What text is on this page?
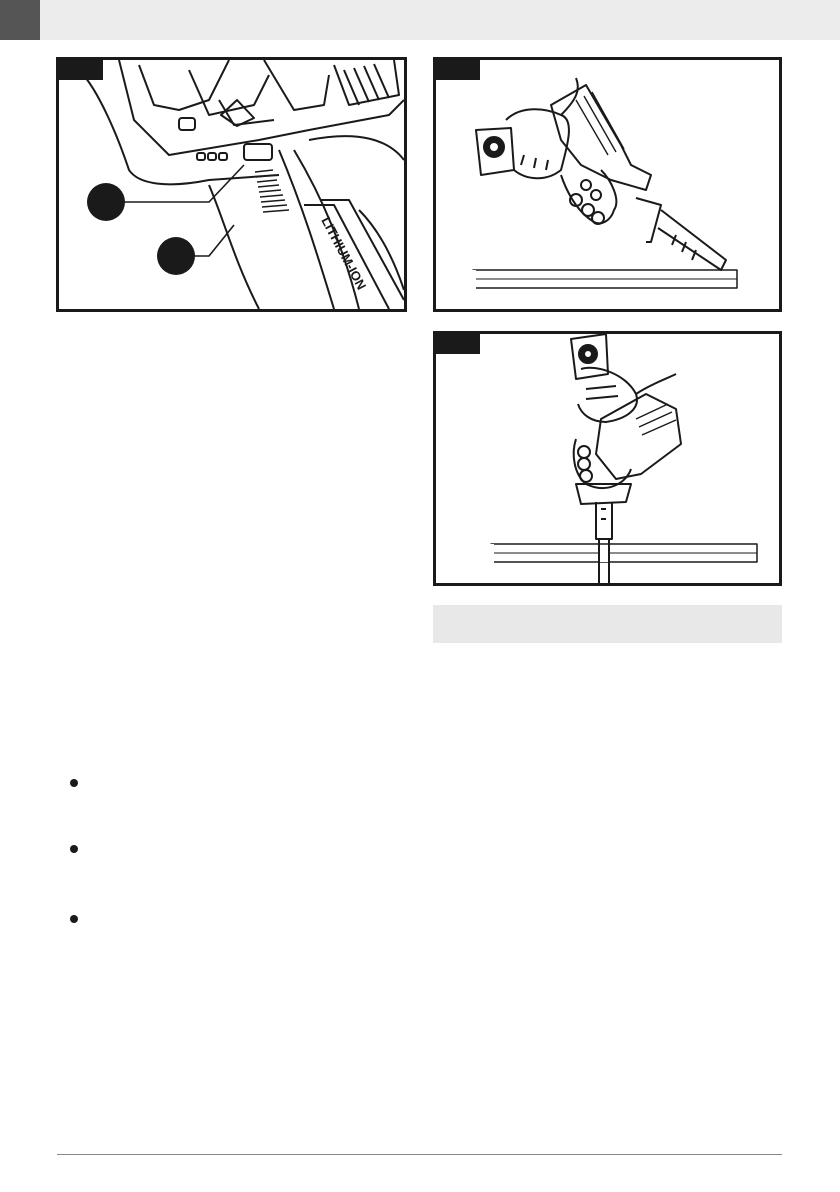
LITHIUM-ION
